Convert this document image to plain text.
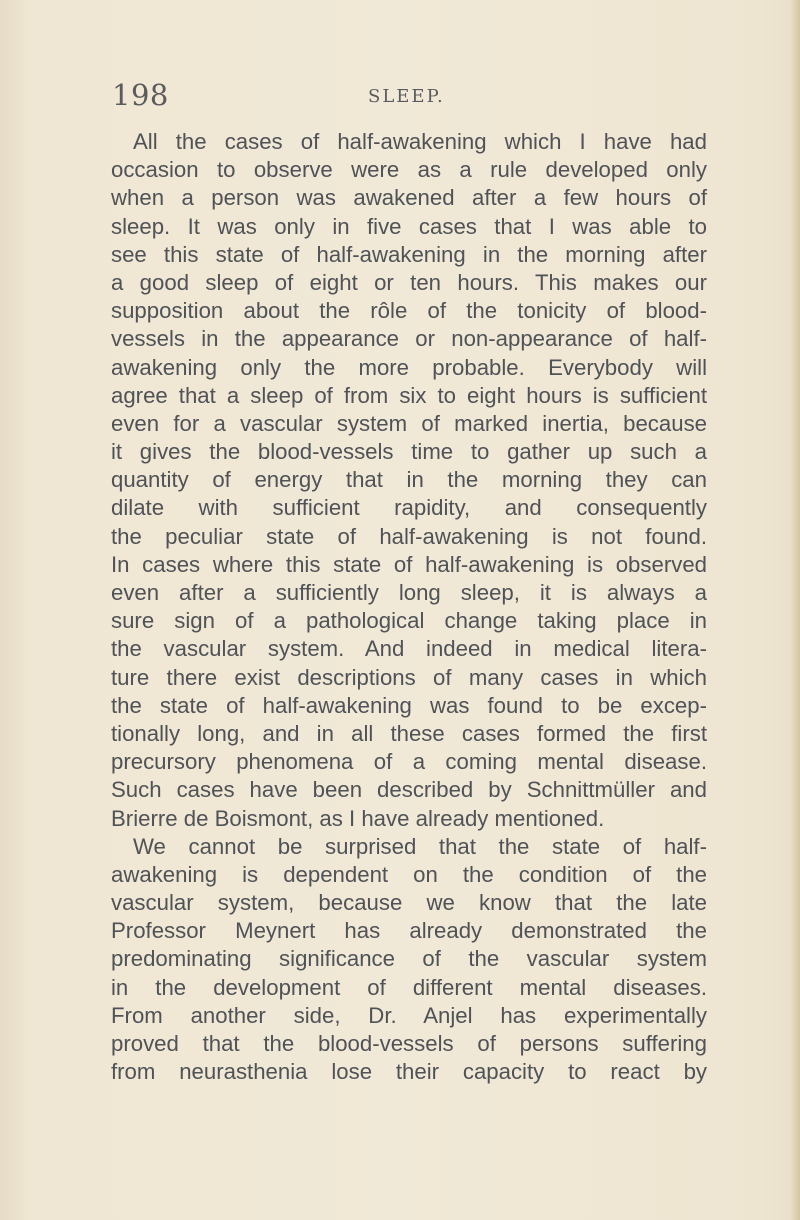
198	SLEEP.
All the cases of half-awakening which I have had
occasion to observe were as a rule developed only
when a person was awakened after a few hours of
sleep. It was only in five cases that I was able to
see this state of half-awakening in the morning after
a good sleep of eight or ten hours. This makes our
supposition about the rôle of the tonicity of blood-
vessels in the appearance or non-appearance of half-
awakening only the more probable. Everybody will
agree that a sleep of from six to eight hours is sufficient
even for a vascular system of marked inertia, because
it gives the blood-vessels time to gather up such a
quantity of energy that in the morning they can
dilate with sufficient rapidity, and consequently
the peculiar state of half-awakening is not found.
In cases where this state of half-awakening is observed
even after a sufficiently long sleep, it is always a
sure sign of a pathological change taking place in
the vascular system. And indeed in medical litera-
ture there exist descriptions of many cases in which
the state of half-awakening was found to be excep-
tionally long, and in all these cases formed the first
precursory phenomena of a coming mental disease.
Such cases have been described by Schnittmüller and
Brierre de Boismont, as I have already mentioned.
We cannot be surprised that the state of half-
awakening is dependent on the condition of the
vascular system, because we know that the late
Professor Meynert has already demonstrated the
predominating significance of the vascular system
in the development of different mental diseases.
From another side, Dr. Anjel has experimentally
proved that the blood-vessels of persons suffering
from neurasthenia lose their capacity to react by
